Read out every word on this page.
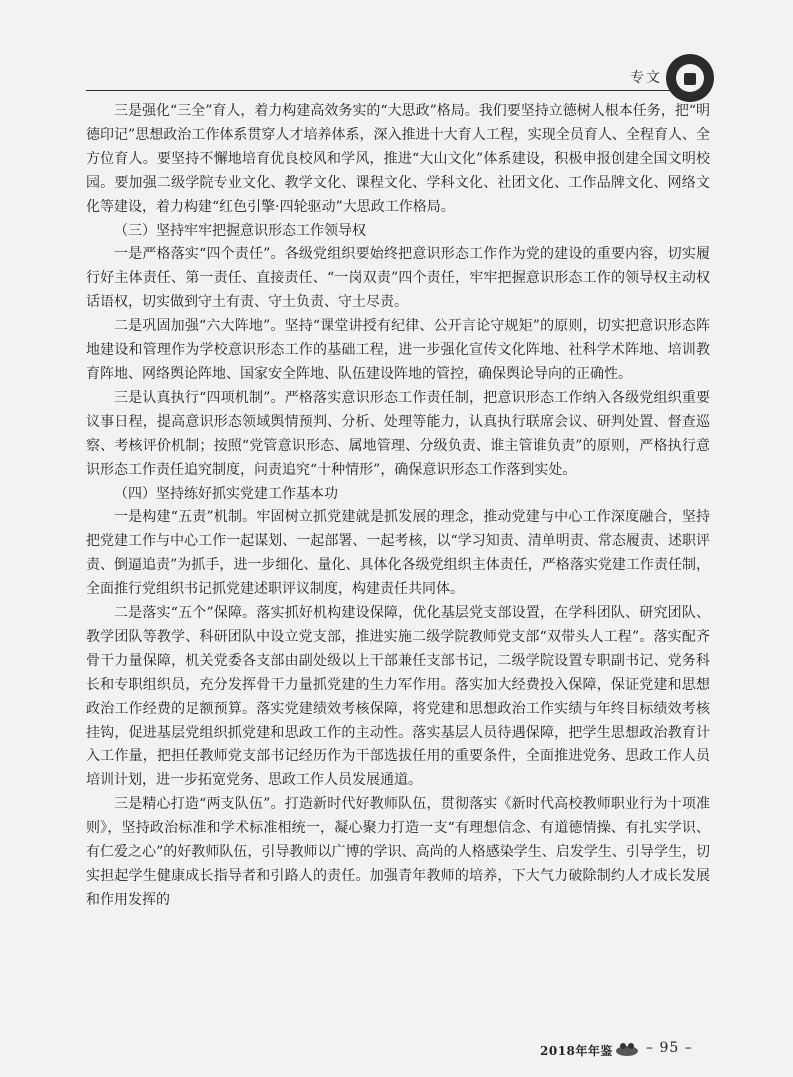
专文

三是强化“三全”育人，着力构建高效务实的“大思政”格局。我们要坚持立德树人根本任务，把“明德印记”思想政治工作体系贯穿人才培养体系，深入推进十大育人工程，实现全员育人、全程育人、全方位育人。要坚持不懈地培育优良校风和学风，推进“大山文化”体系建设，积极申报创建全国文明校园。要加强二级学院专业文化、教学文化、课程文化、学科文化、社团文化、工作品牌文化、网络文化等建设，着力构建“红色引擎·四轮驱动”大思政工作格局。

（三）坚持牢牢把握意识形态工作领导权

一是严格落实“四个责任”。各级党组织要始终把意识形态工作作为党的建设的重要内容，切实履行好主体责任、第一责任、直接责任、“一岗双责”四个责任，牢牢把握意识形态工作的领导权主动权话语权，切实做到守土有责、守土负责、守土尽责。

二是巩固加强“六大阵地”。坚持“课堂讲授有纪律、公开言论守规矩”的原则，切实把意识形态阵地建设和管理作为学校意识形态工作的基础工程，进一步强化宣传文化阵地、社科学术阵地、培训教育阵地、网络舆论阵地、国家安全阵地、队伍建设阵地的管控，确保舆论导向的正确性。

三是认真执行“四项机制”。严格落实意识形态工作责任制，把意识形态工作纳入各级党组织重要议事日程，提高意识形态领域舆情预判、分析、处理等能力，认真执行联席会议、研判处置、督查巡察、考核评价机制；按照“党管意识形态、属地管理、分级负责、谁主管谁负责”的原则，严格执行意识形态工作责任追究制度，问责追究“十种情形”，确保意识形态工作落到实处。

（四）坚持练好抓实党建工作基本功

一是构建“五责”机制。牢固树立抓党建就是抓发展的理念，推动党建与中心工作深度融合，坚持把党建工作与中心工作一起谋划、一起部署、一起考核，以“学习知责、清单明责、常态履责、述职评责、倒逼追责”为抓手，进一步细化、量化、具体化各级党组织主体责任，严格落实党建工作责任制，全面推行党组织书记抓党建述职评议制度，构建责任共同体。

二是落实“五个”保障。落实抓好机构建设保障，优化基层党支部设置，在学科团队、研究团队、教学团队等教学、科研团队中设立党支部，推进实施二级学院教师党支部“双带头人工程”。落实配齐骨干力量保障，机关党委各支部由副处级以上干部兼任支部书记，二级学院设置专职副书记、党务科长和专职组织员，充分发挥骨干力量抓党建的生力军作用。落实加大经费投入保障，保证党建和思想政治工作经费的足额预算。落实党建绩效考核保障，将党建和思想政治工作实绩与年终目标绩效考核挂钩，促进基层党组织抓党建和思政工作的主动性。落实基层人员待遇保障，把学生思想政治教育计入工作量，把担任教师党支部书记经历作为干部选拔任用的重要条件，全面推进党务、思政工作人员培训计划，进一步拓宽党务、思政工作人员发展通道。

三是精心打造“两支队伍”。打造新时代好教师队伍，贯彻落实《新时代高校教师职业行为十项准则》，坚持政治标准和学术标准相统一，凝心聚力打造一支“有理想信念、有道德情操、有扎实学识、有仁爱之心”的好教师队伍，引导教师以广博的学识、高尚的人格感染学生、启发学生、引导学生，切实担起学生健康成长指导者和引路人的责任。加强青年教师的培养，下大气力破除制约人才成长发展和作用发挥的

2018年年鉴 – 95 –
